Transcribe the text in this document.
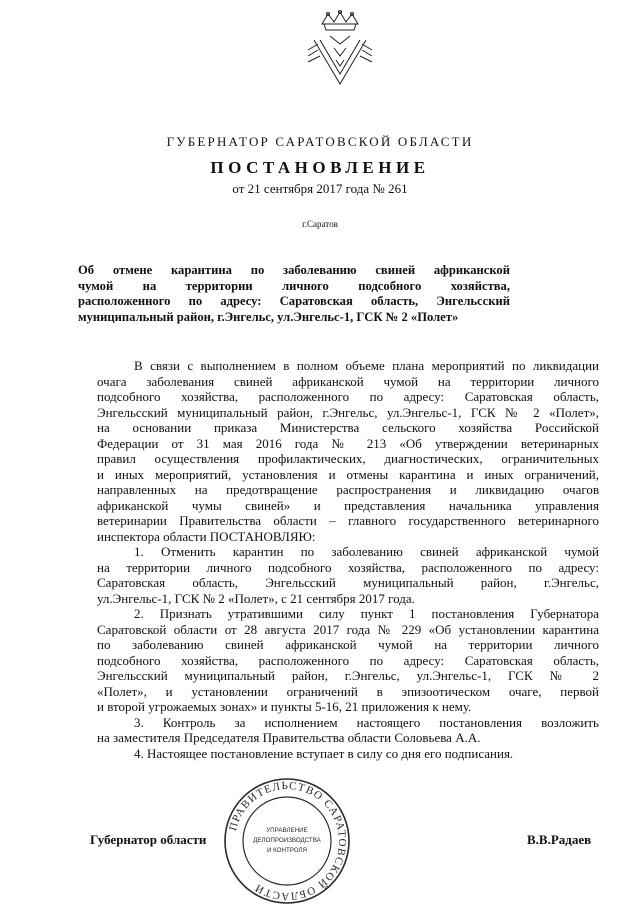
ГУБЕРНАТОР САРАТОВСКОЙ ОБЛАСТИ
ПОСТАНОВЛЕНИЕ
от 21 сентября 2017 года № 261
г.Саратов
Об отмене карантина по заболеванию свиней африканской
чумой на территории личного подсобного хозяйства,
расположенного по адресу: Саратовская область, Энгельсский
муниципальный район, г.Энгельс, ул.Энгельс-1, ГСК № 2 «Полет»

В связи с выполнением в полном объеме плана мероприятий по ликвидации

очага заболевания свиней африканской чумой на территории личного

подсобного хозяйства, расположенного по адресу: Саратовская область,

Энгельсский муниципальный район, г.Энгельс, ул.Энгельс-1, ГСК № 2 «Полет»,

на основании приказа Министерства сельского хозяйства Российской

Федерации от 31 мая 2016 года № 213 «Об утверждении ветеринарных

правил осуществления профилактических, диагностических, ограничительных

и иных мероприятий, установления и отмены карантина и иных ограничений,

направленных на предотвращение распространения и ликвидацию очагов

африканской чумы свиней» и представления начальника управления

ветеринарии Правительства области – главного государственного ветеринарного

инспектора области ПОСТАНОВЛЯЮ:

1. Отменить карантин по заболеванию свиней африканской чумой

на территории личного подсобного хозяйства, расположенного по адресу:

Саратовская область, Энгельсский муниципальный район, г.Энгельс,

ул.Энгельс-1, ГСК № 2 «Полет», с 21 сентября 2017 года.

2. Признать утратившими силу пункт 1 постановления Губернатора

Саратовской области от 28 августа 2017 года № 229 «Об установлении карантина

по заболеванию свиней африканской чумой на территории личного

подсобного хозяйства, расположенного по адресу: Саратовская область,

Энгельсский муниципальный район, г.Энгельс, ул.Энгельс-1, ГСК № 2

«Полет», и установлении ограничений в эпизоотическом очаге, первой

и второй угрожаемых зонах» и пункты 5-16, 21 приложения к нему.

3. Контроль за исполнением настоящего постановления возложить

на заместителя Председателя Правительства области Соловьева А.А.

4. Настоящее постановление вступает в силу со дня его подписания.

Губернатор области	В.В.Радаев
ПРАВИТЕЛЬСТВО САРАТОВСКОЙ ОБЛАСТИ
УПРАВЛЕНИЕ
ДЕЛОПРОИЗВОДСТВА
И КОНТРОЛЯ
